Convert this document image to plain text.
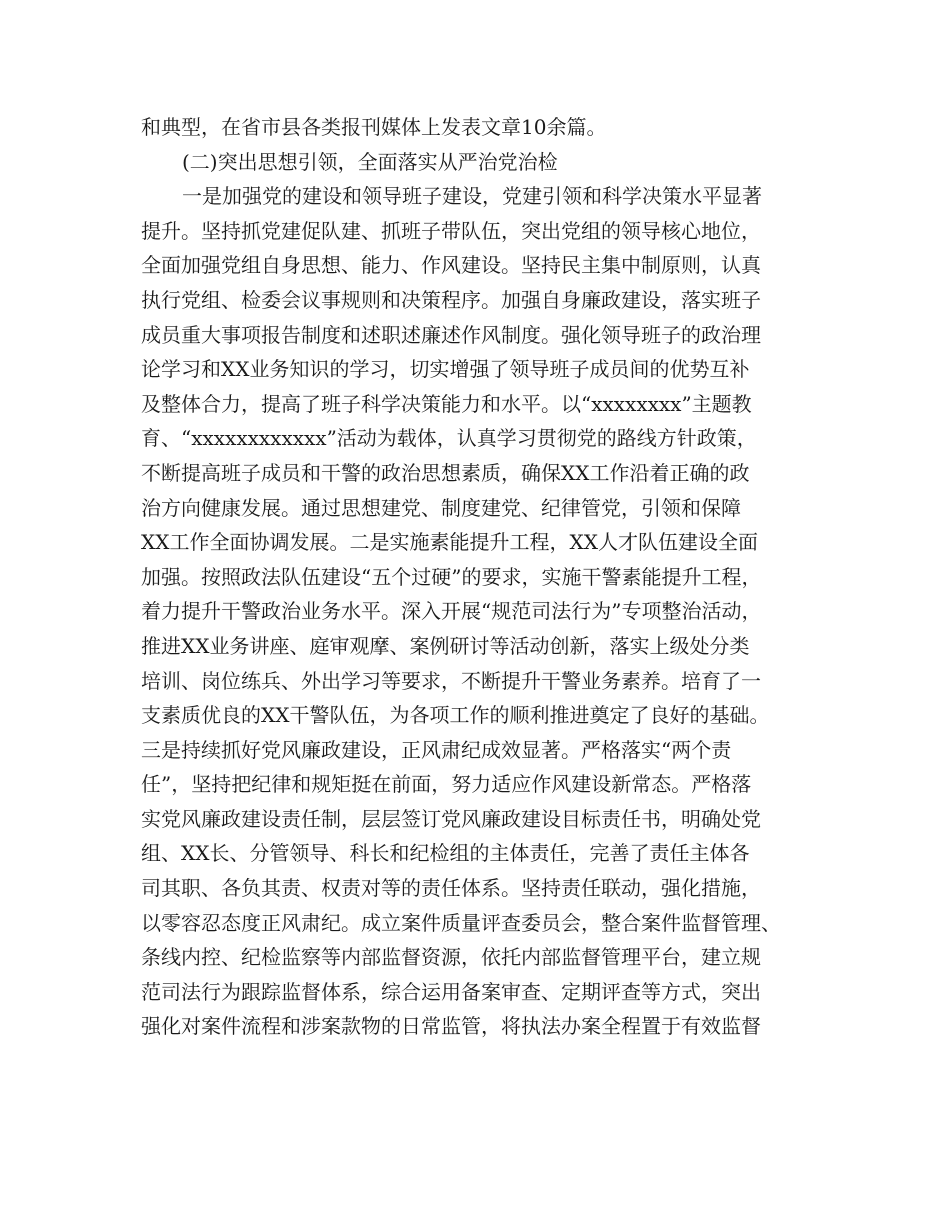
和典型，在省市县各类报刊媒体上发表文章10余篇。
(二)突出思想引领，全面落实从严治党治检
一是加强党的建设和领导班子建设，党建引领和科学决策水平显著
提升。坚持抓党建促队建、抓班子带队伍，突出党组的领导核心地位，
全面加强党组自身思想、能力、作风建设。坚持民主集中制原则，认真
执行党组、检委会议事规则和决策程序。加强自身廉政建设，落实班子
成员重大事项报告制度和述职述廉述作风制度。强化领导班子的政治理
论学习和XX业务知识的学习，切实增强了领导班子成员间的优势互补
及整体合力，提高了班子科学决策能力和水平。以“xxxxxxxx”主题教
育、“xxxxxxxxxxxx”活动为载体，认真学习贯彻党的路线方针政策，
不断提高班子成员和干警的政治思想素质，确保XX工作沿着正确的政
治方向健康发展。通过思想建党、制度建党、纪律管党，引领和保障
XX工作全面协调发展。二是实施素能提升工程，XX人才队伍建设全面
加强。按照政法队伍建设“五个过硬”的要求，实施干警素能提升工程，
着力提升干警政治业务水平。深入开展“规范司法行为”专项整治活动，
推进XX业务讲座、庭审观摩、案例研讨等活动创新，落实上级处分类
培训、岗位练兵、外出学习等要求，不断提升干警业务素养。培育了一
支素质优良的XX干警队伍，为各项工作的顺利推进奠定了良好的基础。
三是持续抓好党风廉政建设，正风肃纪成效显著。严格落实“两个责
任”，坚持把纪律和规矩挺在前面，努力适应作风建设新常态。严格落
实党风廉政建设责任制，层层签订党风廉政建设目标责任书，明确处党
组、XX长、分管领导、科长和纪检组的主体责任，完善了责任主体各
司其职、各负其责、权责对等的责任体系。坚持责任联动，强化措施，
以零容忍态度正风肃纪。成立案件质量评查委员会，整合案件监督管理、
条线内控、纪检监察等内部监督资源，依托内部监督管理平台，建立规
范司法行为跟踪监督体系，综合运用备案审查、定期评查等方式，突出
强化对案件流程和涉案款物的日常监管，将执法办案全程置于有效监督
